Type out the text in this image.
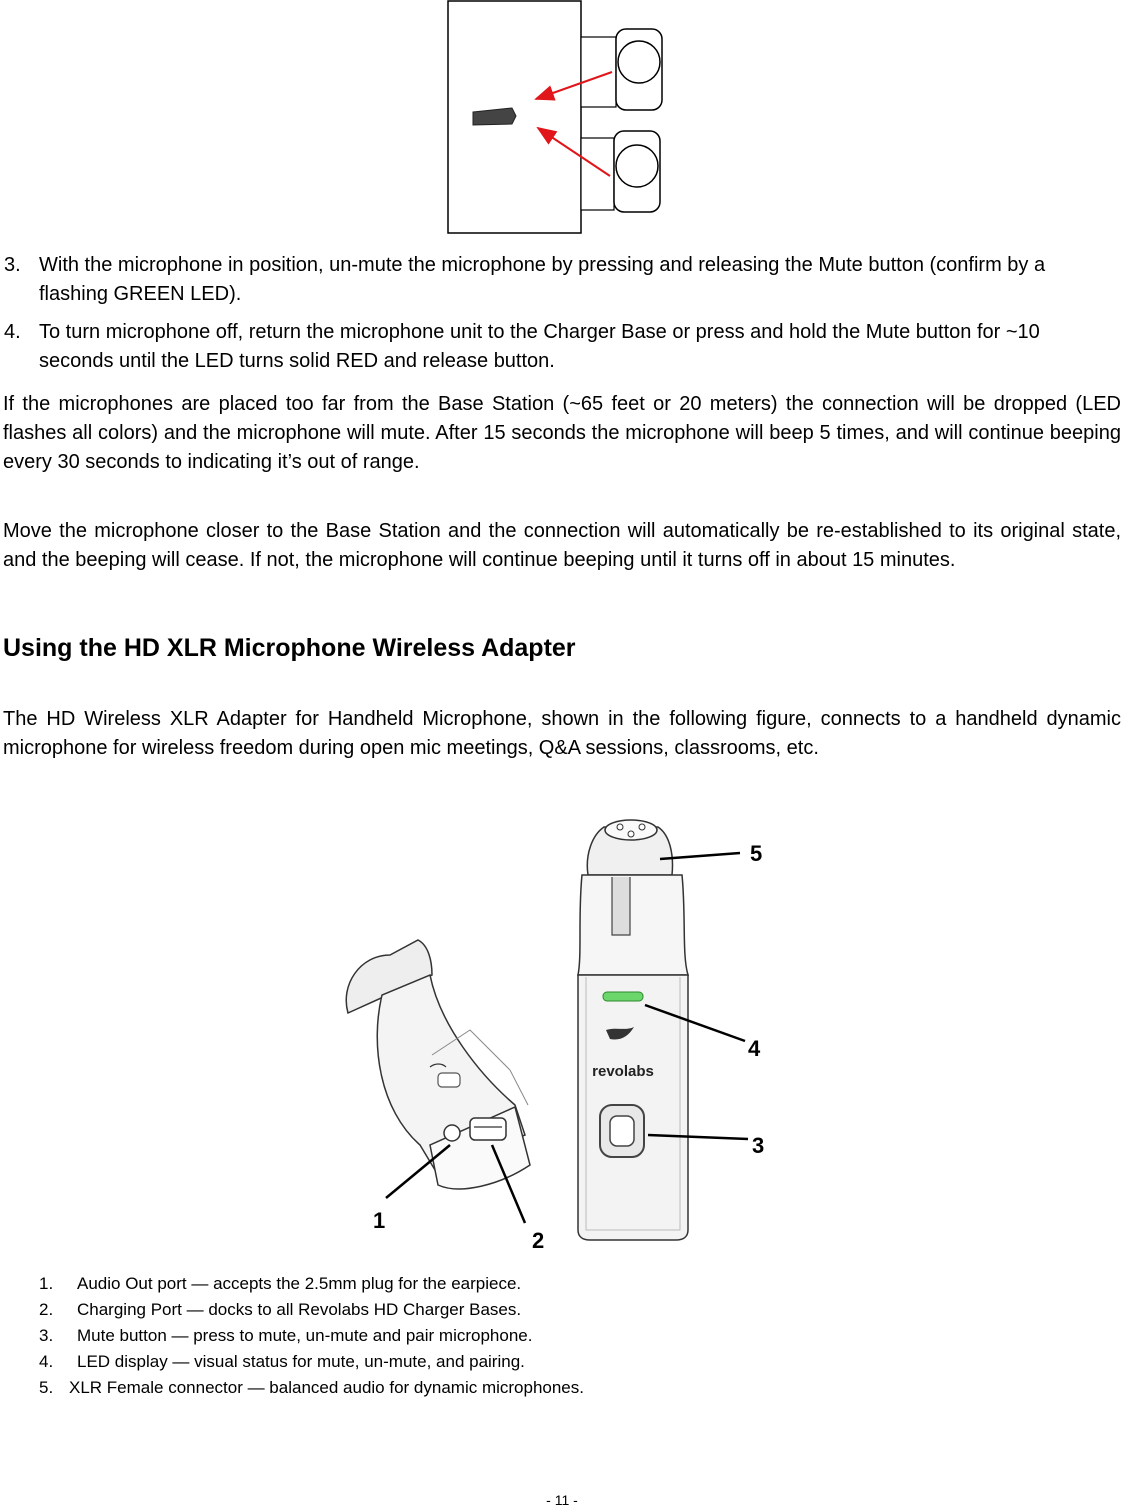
3. With the microphone in position, un-mute the microphone by pressing and releasing the Mute button (confirm by a flashing GREEN LED).
4. To turn microphone off, return the microphone unit to the Charger Base or press and hold the Mute button for ~10 seconds until the LED turns solid RED and release button.
If the microphones are placed too far from the Base Station (~65 feet or 20 meters) the connection will be dropped (LED flashes all colors) and the microphone will mute. After 15 seconds the microphone will beep 5 times, and will continue beeping every 30 seconds to indicating it’s out of range.
Move the microphone closer to the Base Station and the connection will automatically be re-established to its original state, and the beeping will cease. If not, the microphone will continue beeping until it turns off in about 15 minutes.
Using the HD XLR Microphone Wireless Adapter
The HD Wireless XLR Adapter for Handheld Microphone, shown in the following figure, connects to a handheld dynamic microphone for wireless freedom during open mic meetings, Q&A sessions, classrooms, etc.
revolabs
5
4
3
1
2
1. Audio Out port — accepts the 2.5mm plug for the earpiece.
2. Charging Port — docks to all Revolabs HD Charger Bases.
3. Mute button — press to mute, un-mute and pair microphone.
4. LED display — visual status for mute, un-mute, and pairing.
5. XLR Female connector — balanced audio for dynamic microphones.
- 11 -
